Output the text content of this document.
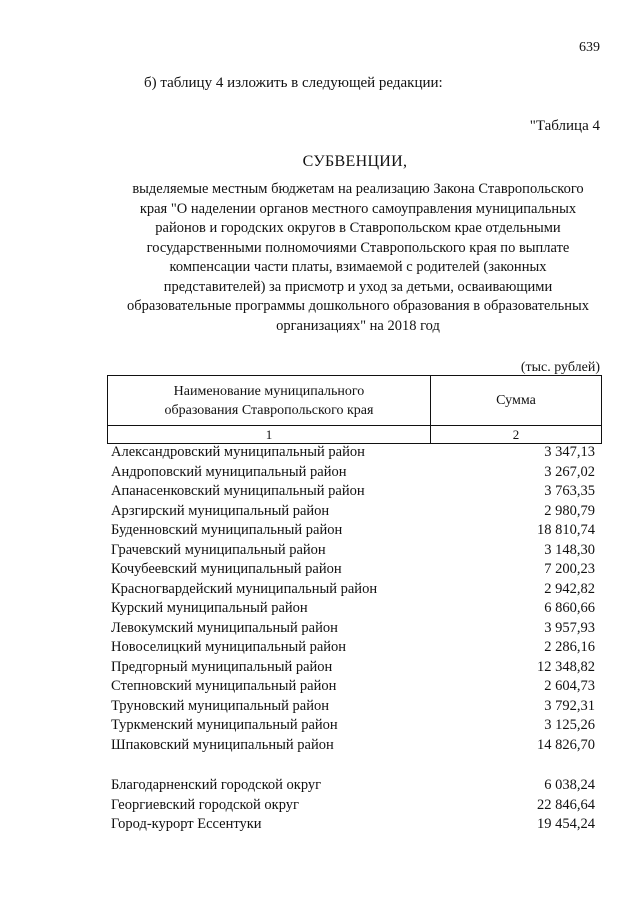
639
б) таблицу 4 изложить в следующей редакции:
"Таблица 4
СУБВЕНЦИИ,
выделяемые местным бюджетам на реализацию Закона Ставропольского
края "О наделении органов местного самоуправления муниципальных
районов и городских округов в Ставропольском крае отдельными
государственными полномочиями Ставропольского края по выплате
компенсации части платы, взимаемой с родителей (законных
представителей) за присмотр и уход за детьми, осваивающими
образовательные программы дошкольного образования в образовательных
организациях" на 2018 год
(тыс. рублей)
Наименование муниципального
образования Ставропольского края	Сумма
1	2
Александровский муниципальный район	3 347,13
Андроповский муниципальный район	3 267,02
Апанасенковский муниципальный район	3 763,35
Арзгирский муниципальный район	2 980,79
Буденновский муниципальный район	18 810,74
Грачевский муниципальный район	3 148,30
Кочубеевский муниципальный район	7 200,23
Красногвардейский муниципальный район	2 942,82
Курский муниципальный район	6 860,66
Левокумский муниципальный район	3 957,93
Новоселицкий муниципальный район	2 286,16
Предгорный муниципальный район	12 348,82
Степновский муниципальный район	2 604,73
Труновский муниципальный район	3 792,31
Туркменский муниципальный район	3 125,26
Шпаковский муниципальный район	14 826,70
Благодарненский городской округ	6 038,24
Георгиевский городской округ	22 846,64
Город-курорт Ессентуки	19 454,24
